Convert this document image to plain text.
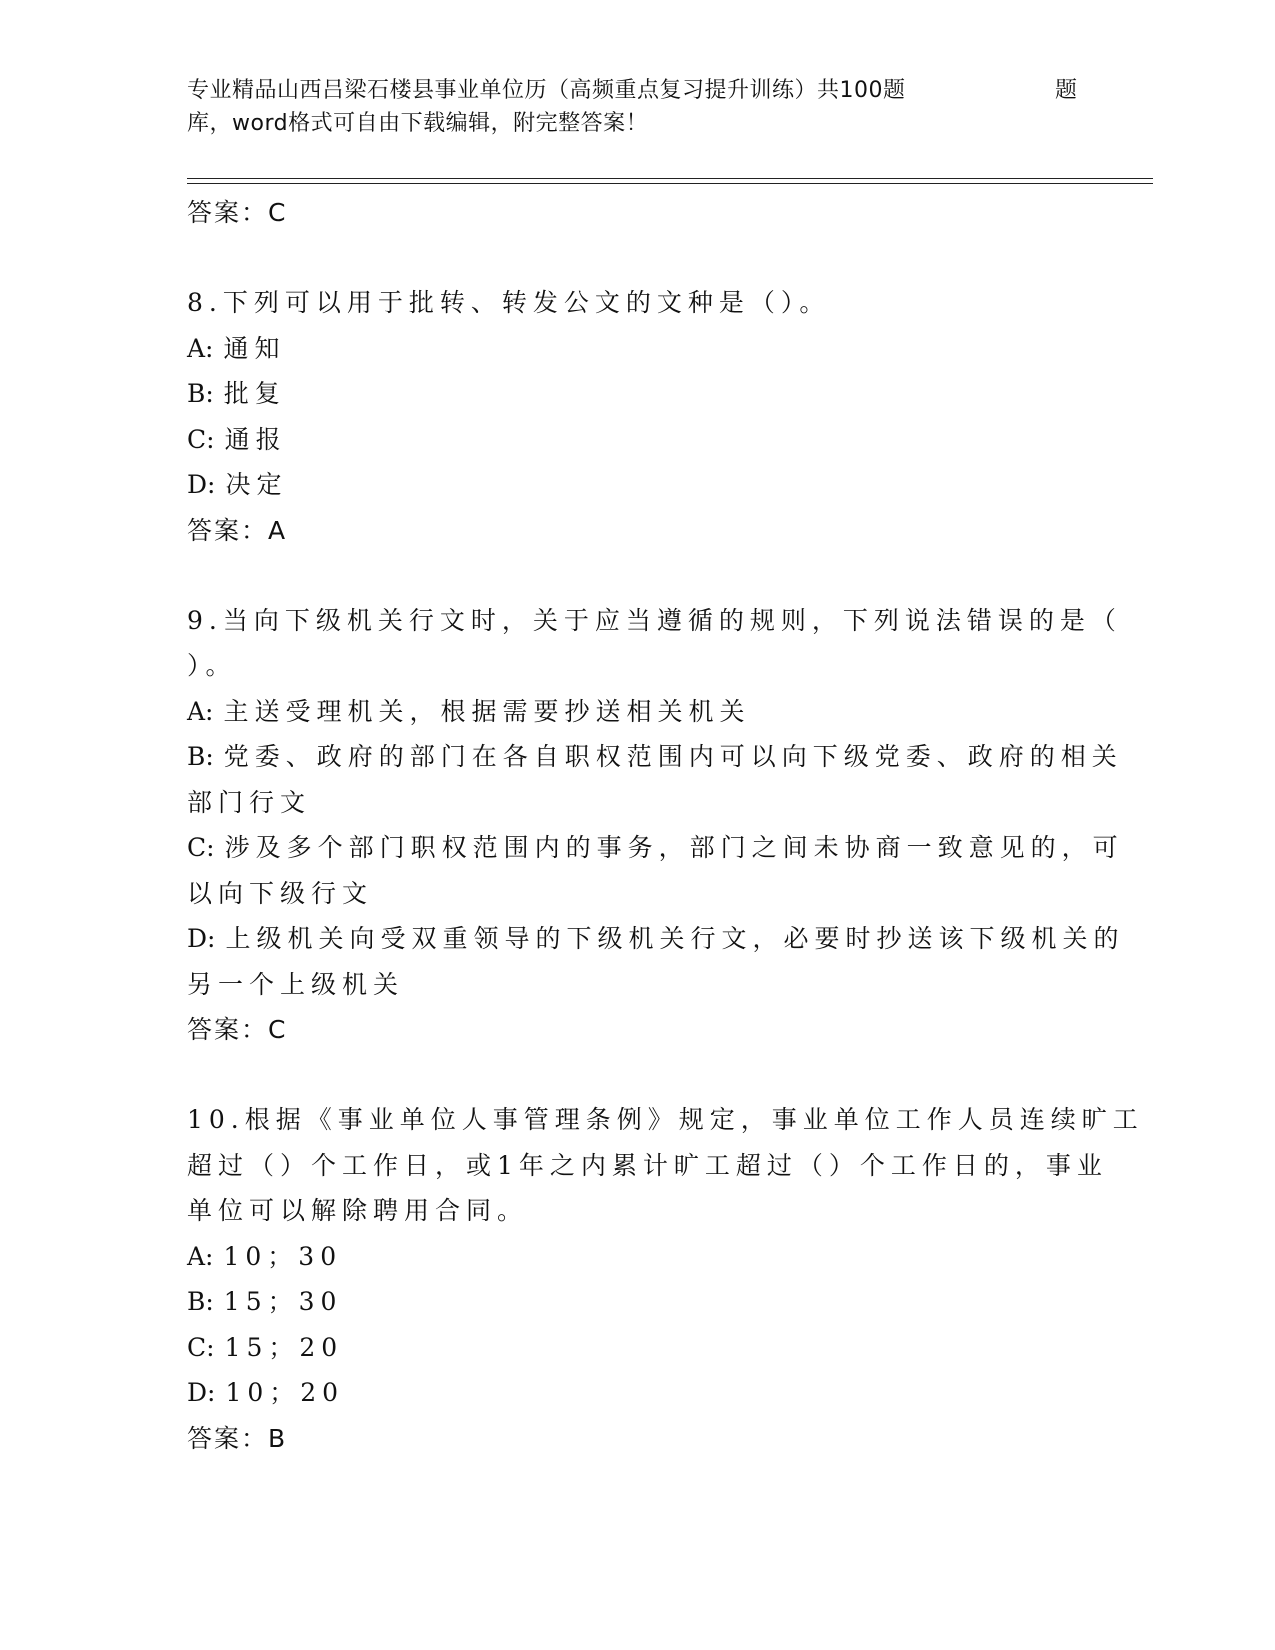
专业精品山西吕梁石楼县事业单位历（高频重点复习提升训练）共100题	题
库，word格式可自由下载编辑，附完整答案！
答案：C
8.下列可以用于批转、转发公文的文种是（）。
A: 通知
B: 批复
C: 通报
D: 决定
答案：A
9.当向下级机关行文时，关于应当遵循的规则，下列说法错误的是（
）。
A: 主送受理机关，根据需要抄送相关机关
B: 党委、政府的部门在各自职权范围内可以向下级党委、政府的相关
部门行文
C: 涉及多个部门职权范围内的事务，部门之间未协商一致意见的，可
以向下级行文
D: 上级机关向受双重领导的下级机关行文，必要时抄送该下级机关的
另一个上级机关
答案：C
10.根据《事业单位人事管理条例》规定，事业单位工作人员连续旷工
超过（）个工作日，或1年之内累计旷工超过（）个工作日的，事业
单位可以解除聘用合同。
A: 10；30
B: 15；30
C: 15；20
D: 10；20
答案：B
